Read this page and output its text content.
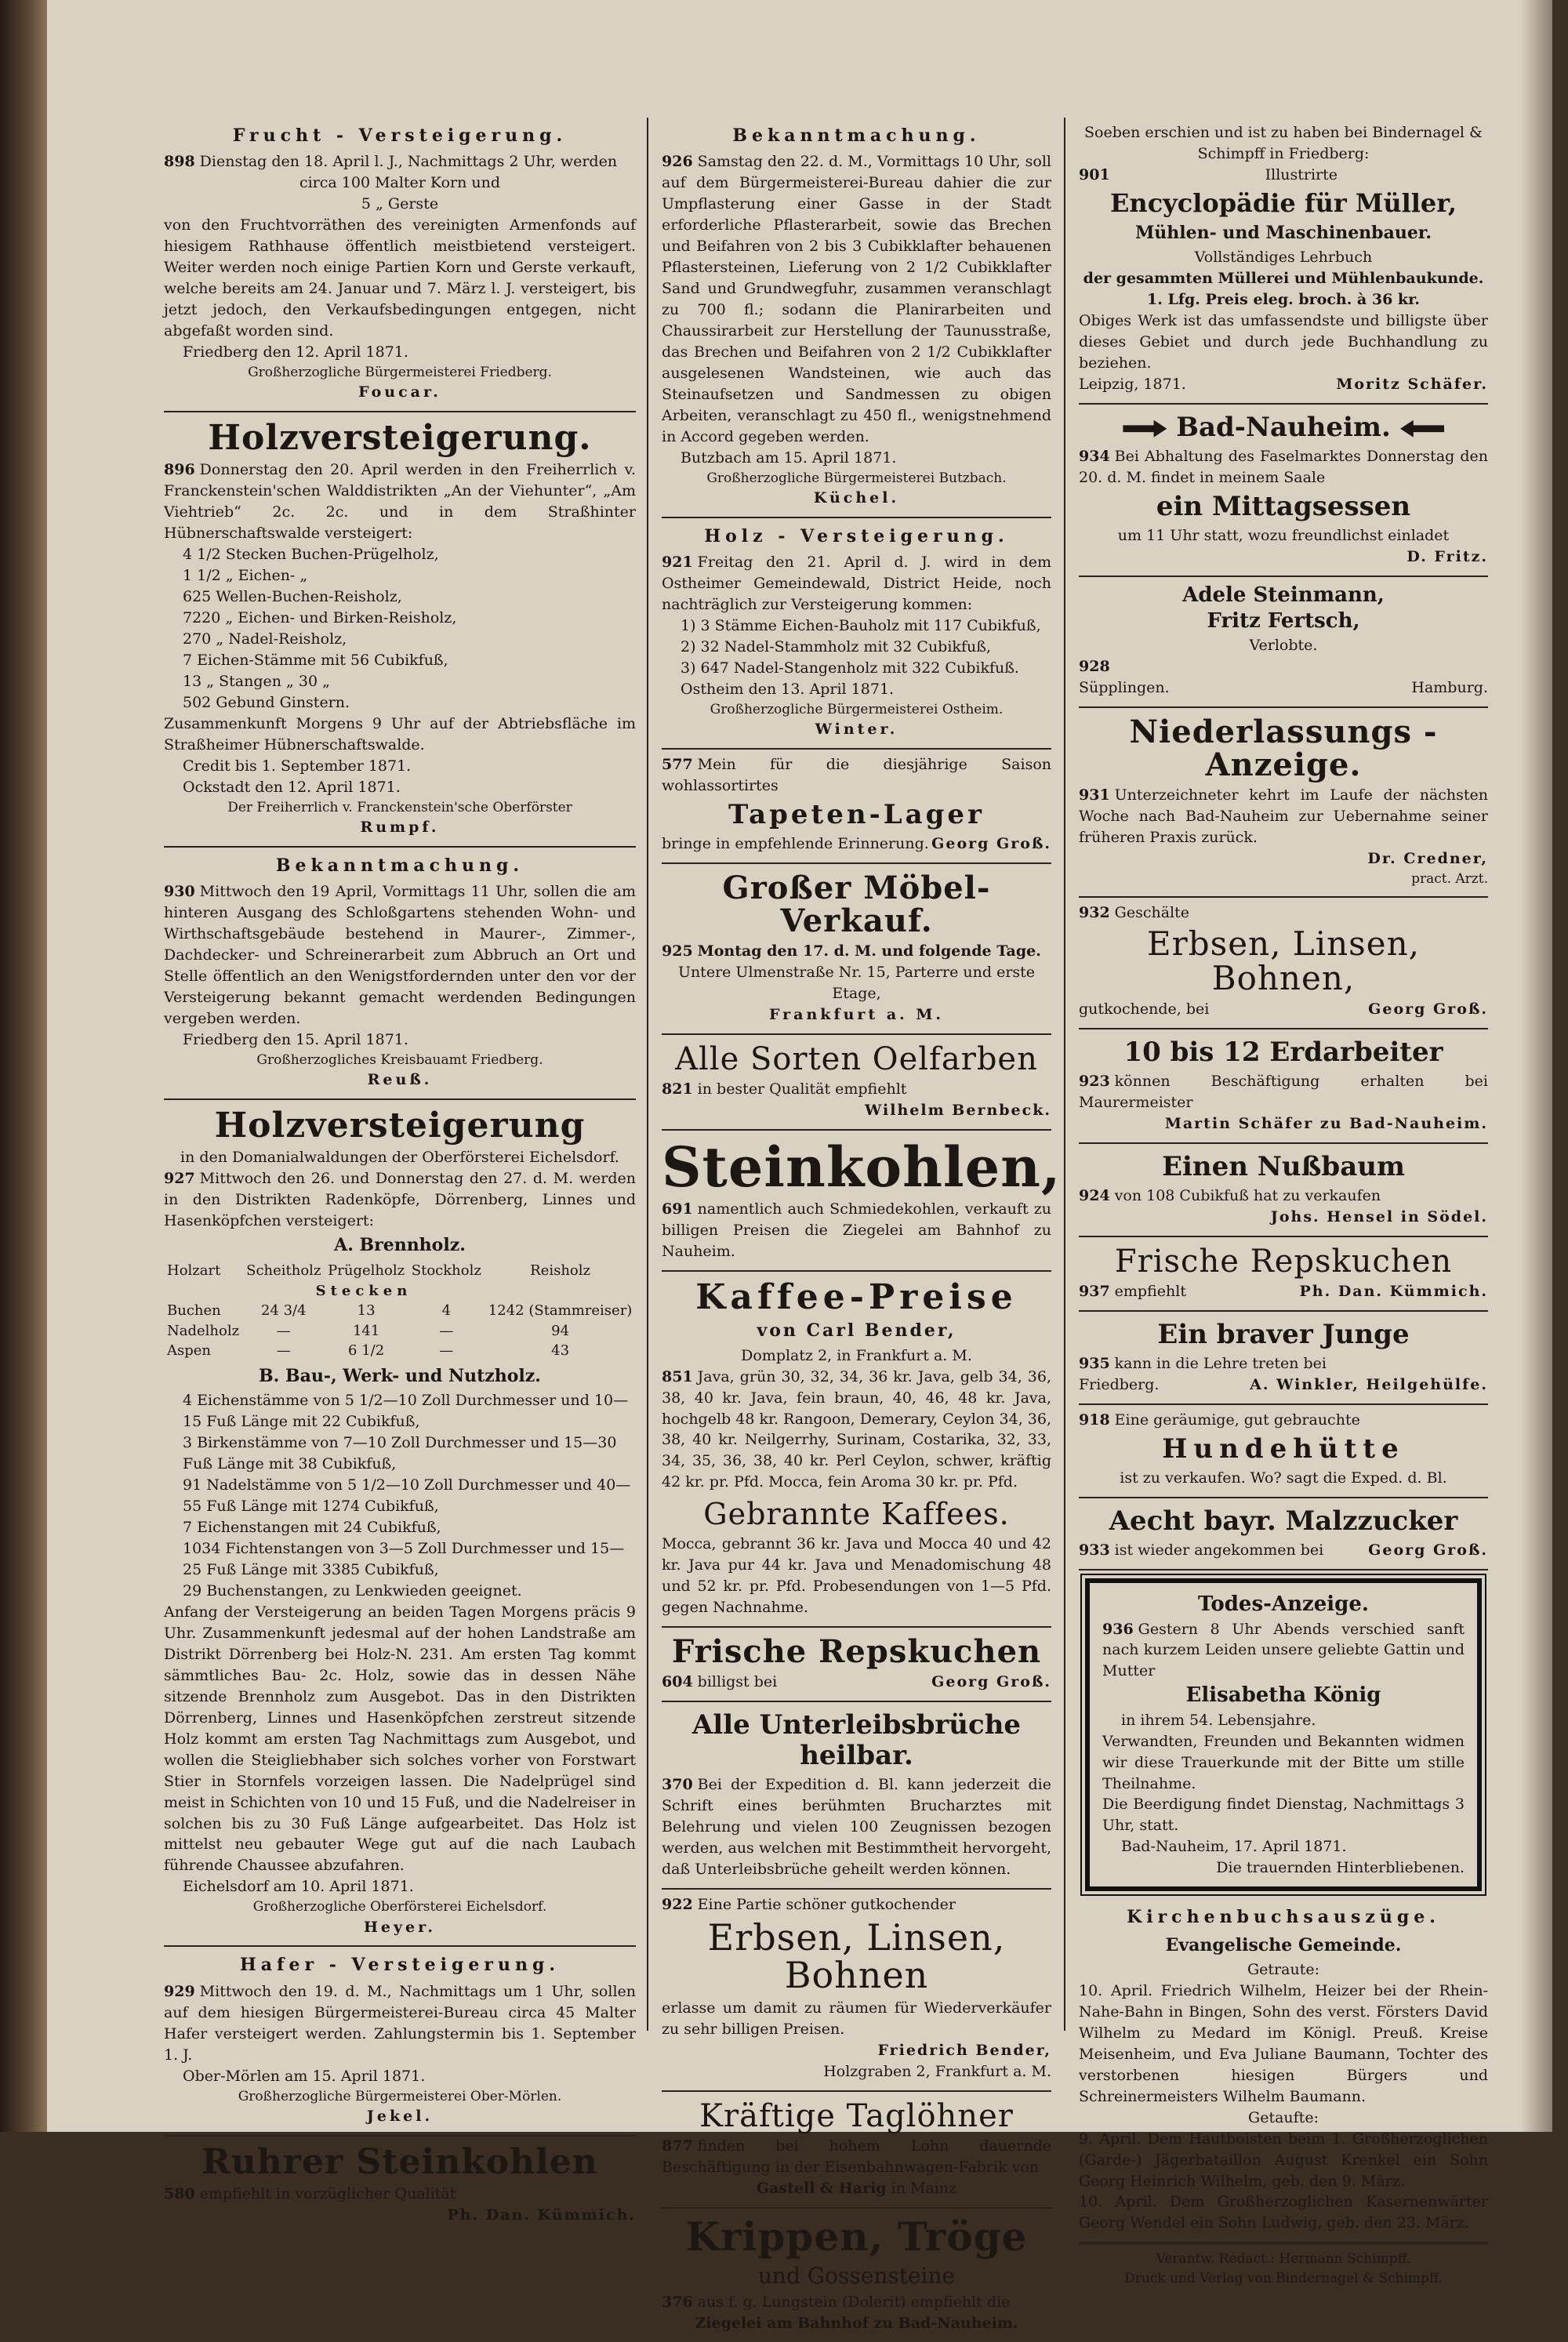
Frucht - Versteigerung.

898 Dienstag den 18. April l. J., Nachmittags 2 Uhr, werden

circa 100 Malter Korn und

5 „ Gerste

von den Fruchtvorräthen des vereinigten Armenfonds auf hiesigem Rathhause öffentlich meistbietend versteigert. Weiter werden noch einige Partien Korn und Gerste verkauft, welche bereits am 24. Januar und 7. März l. J. versteigert, bis jetzt jedoch, den Verkaufsbedingungen entgegen, nicht abgefaßt worden sind.

Friedberg den 12. April 1871.

Großherzogliche Bürgermeisterei Friedberg.

Foucar.

Holzversteigerung.

896 Donnerstag den 20. April werden in den Freiherrlich v. Franckenstein'schen Walddistrikten „An der Viehunter“, „Am Viehtrieb“ 2c. 2c. und in dem Straßhinter Hübnerschaftswalde versteigert:

4 1/2 Stecken Buchen-Prügelholz,
1 1/2 „ Eichen- „
625 Wellen-Buchen-Reisholz,
7220 „ Eichen- und Birken-Reisholz,
270 „ Nadel-Reisholz,
7 Eichen-Stämme mit 56 Cubikfuß,
13 „ Stangen „ 30 „
502 Gebund Ginstern.

Zusammenkunft Morgens 9 Uhr auf der Abtriebsfläche im Straßheimer Hübnerschaftswalde.

Credit bis 1. September 1871.

Ockstadt den 12. April 1871.

Der Freiherrlich v. Franckenstein'sche Oberförster

Rumpf.

Bekanntmachung.

930 Mittwoch den 19 April, Vormittags 11 Uhr, sollen die am hinteren Ausgang des Schloßgartens stehenden Wohn- und Wirthschaftsgebäude bestehend in Maurer-, Zimmer-, Dachdecker- und Schreinerarbeit zum Abbruch an Ort und Stelle öffentlich an den Wenigstfordernden unter den vor der Versteigerung bekannt gemacht werdenden Bedingungen vergeben werden.

Friedberg den 15. April 1871.

Großherzogliches Kreisbauamt Friedberg.

Reuß.

Holzversteigerung

in den Domanialwaldungen der Oberförsterei Eichelsdorf.

927 Mittwoch den 26. und Donnerstag den 27. d. M. werden in den Distrikten Radenköpfe, Dörrenberg, Linnes und Hasenköpfchen versteigert:

A. Brennholz.

Holzart	Scheitholz	Prügelholz	Stockholz	Reisholz
	Stecken			
Buchen	24 3/4	13	4	1242 (Stammreiser)
Nadelholz	—	141	—	94
Aspen	—	6 1/2	—	43

B. Bau-, Werk- und Nutzholz.

4 Eichenstämme von 5 1/2—10 Zoll Durchmesser und 10—15 Fuß Länge mit 22 Cubikfuß,
3 Birkenstämme von 7—10 Zoll Durchmesser und 15—30 Fuß Länge mit 38 Cubikfuß,
91 Nadelstämme von 5 1/2—10 Zoll Durchmesser und 40—55 Fuß Länge mit 1274 Cubikfuß,
7 Eichenstangen mit 24 Cubikfuß,
1034 Fichtenstangen von 3—5 Zoll Durchmesser und 15—25 Fuß Länge mit 3385 Cubikfuß,
29 Buchenstangen, zu Lenkwieden geeignet.

Anfang der Versteigerung an beiden Tagen Morgens präcis 9 Uhr. Zusammenkunft jedesmal auf der hohen Landstraße am Distrikt Dörrenberg bei Holz-N. 231. Am ersten Tag kommt sämmtliches Bau- 2c. Holz, sowie das in dessen Nähe sitzende Brennholz zum Ausgebot. Das in den Distrikten Dörrenberg, Linnes und Hasenköpfchen zerstreut sitzende Holz kommt am ersten Tag Nachmittags zum Ausgebot, und wollen die Steigliebhaber sich solches vorher von Forstwart Stier in Stornfels vorzeigen lassen. Die Nadelprügel sind meist in Schichten von 10 und 15 Fuß, und die Nadelreiser in solchen bis zu 30 Fuß Länge aufgearbeitet. Das Holz ist mittelst neu gebauter Wege gut auf die nach Laubach führende Chaussee abzufahren.

Eichelsdorf am 10. April 1871.

Großherzogliche Oberförsterei Eichelsdorf.

Heyer.

Hafer - Versteigerung.

929 Mittwoch den 19. d. M., Nachmittags um 1 Uhr, sollen auf dem hiesigen Bürgermeisterei-Bureau circa 45 Malter Hafer versteigert werden. Zahlungstermin bis 1. September 1. J.

Ober-Mörlen am 15. April 1871.

Großherzogliche Bürgermeisterei Ober-Mörlen.

Jekel.

Ruhrer Steinkohlen

580 empfiehlt in vorzüglicher Qualität

Ph. Dan. Kümmich.

Bekanntmachung.

926 Samstag den 22. d. M., Vormittags 10 Uhr, soll auf dem Bürgermeisterei-Bureau dahier die zur Umpflasterung einer Gasse in der Stadt erforderliche Pflasterarbeit, sowie das Brechen und Beifahren von 2 bis 3 Cubikklafter behauenen Pflastersteinen, Lieferung von 2 1/2 Cubikklafter Sand und Grundwegfuhr, zusammen veranschlagt zu 700 fl.; sodann die Planirarbeiten und Chaussirarbeit zur Herstellung der Taunusstraße, das Brechen und Beifahren von 2 1/2 Cubikklafter ausgelesenen Wandsteinen, wie auch das Steinaufsetzen und Sandmessen zu obigen Arbeiten, veranschlagt zu 450 fl., wenigstnehmend in Accord gegeben werden.

Butzbach am 15. April 1871.

Großherzogliche Bürgermeisterei Butzbach.

Küchel.

Holz - Versteigerung.

921 Freitag den 21. April d. J. wird in dem Ostheimer Gemeindewald, District Heide, noch nachträglich zur Versteigerung kommen:

1) 3 Stämme Eichen-Bauholz mit 117 Cubikfuß,
2) 32 Nadel-Stammholz mit 32 Cubikfuß,
3) 647 Nadel-Stangenholz mit 322 Cubikfuß.

Ostheim den 13. April 1871.

Großherzogliche Bürgermeisterei Ostheim.

Winter.

577 Mein für die diesjährige Saison wohlassortirtes

Tapeten-Lager
bringe in empfehlende Erinnerung. Georg Groß.
Großer Möbel-Verkauf.

925 Montag den 17. d. M. und folgende Tage.

Untere Ulmenstraße Nr. 15, Parterre und erste Etage,

Frankfurt a. M.

Alle Sorten Oelfarben

821 in bester Qualität empfiehlt

Wilhelm Bernbeck.

Steinkohlen,

691 namentlich auch Schmiedekohlen, verkauft zu billigen Preisen die Ziegelei am Bahnhof zu Nauheim.

Kaffee-Preise

von Carl Bender,

Domplatz 2, in Frankfurt a. M.

851 Java, grün 30, 32, 34, 36 kr. Java, gelb 34, 36, 38, 40 kr. Java, fein braun, 40, 46, 48 kr. Java, hochgelb 48 kr. Rangoon, Demerary, Ceylon 34, 36, 38, 40 kr. Neilgerrhy, Surinam, Costarika, 32, 33, 34, 35, 36, 38, 40 kr. Perl Ceylon, schwer, kräftig 42 kr. pr. Pfd. Mocca, fein Aroma 30 kr. pr. Pfd.

Gebrannte Kaffees.

Mocca, gebrannt 36 kr. Java und Mocca 40 und 42 kr. Java pur 44 kr. Java und Menadomischung 48 und 52 kr. pr. Pfd. Probesendungen von 1—5 Pfd. gegen Nachnahme.

Frische Repskuchen
604 billigst bei	Georg Groß.
Alle Unterleibsbrüche heilbar.

370 Bei der Expedition d. Bl. kann jederzeit die Schrift eines berühmten Brucharztes mit Belehrung und vielen 100 Zeugnissen bezogen werden, aus welchen mit Bestimmtheit hervorgeht, daß Unterleibsbrüche geheilt werden können.

922 Eine Partie schöner gutkochender

Erbsen, Linsen, Bohnen

erlasse um damit zu räumen für Wiederverkäufer zu sehr billigen Preisen.

Friedrich Bender,

Holzgraben 2, Frankfurt a. M.

Kräftige Taglöhner

877 finden bei hohem Lohn dauernde Beschäftigung in der Eisenbahnwagen-Fabrik von

Gastell & Harig in Mainz

Krippen, Tröge

und Gossensteine

376 aus f. g. Lungstein (Dolerit) empfiehlt die

Ziegelei am Bahnhof zu Bad-Nauheim.

Soeben erschien und ist zu haben bei Bindernagel & Schimpff in Friedberg:

901	Illustrirte
Encyclopädie für Müller,

Mühlen- und Maschinenbauer.

Vollständiges Lehrbuch

der gesammten Müllerei und Mühlenbaukunde.

1. Lfg. Preis eleg. broch. à 36 kr.

Obiges Werk ist das umfassendste und billigste über dieses Gebiet und durch jede Buchhandlung zu beziehen.

Leipzig, 1871.	Moritz Schäfer.
Bad-Nauheim.

934 Bei Abhaltung des Faselmarktes Donnerstag den 20. d. M. findet in meinem Saale

ein Mittagsessen

um 11 Uhr statt, wozu freundlichst einladet

D. Fritz.

Adele Steinmann,
Fritz Fertsch,

Verlobte.

928

Süpplingen.	Hamburg.
Niederlassungs - Anzeige.

931 Unterzeichneter kehrt im Laufe der nächsten Woche nach Bad-Nauheim zur Uebernahme seiner früheren Praxis zurück.

Dr. Credner,

pract. Arzt.

932 Geschälte

Erbsen, Linsen, Bohnen,
gutkochende, bei	Georg Groß.
10 bis 12 Erdarbeiter

923 können Beschäftigung erhalten bei Maurermeister

Martin Schäfer zu Bad-Nauheim.

Einen Nußbaum

924 von 108 Cubikfuß hat zu verkaufen

Johs. Hensel in Södel.

Frische Repskuchen
937 empfiehlt	Ph. Dan. Kümmich.
Ein braver Junge

935 kann in die Lehre treten bei

Friedberg.	A. Winkler, Heilgehülfe.

918 Eine geräumige, gut gebrauchte

Hundehütte

ist zu verkaufen. Wo? sagt die Exped. d. Bl.

Aecht bayr. Malzzucker
933 ist wieder angekommen bei	Georg Groß.
Todes-Anzeige.

936 Gestern 8 Uhr Abends verschied sanft nach kurzem Leiden unsere geliebte Gattin und Mutter

Elisabetha König

in ihrem 54. Lebensjahre.

Verwandten, Freunden und Bekannten widmen wir diese Trauerkunde mit der Bitte um stille Theilnahme.

Die Beerdigung findet Dienstag, Nachmittags 3 Uhr, statt.

Bad-Nauheim, 17. April 1871.

Die trauernden Hinterbliebenen.

Kirchenbuchsauszüge.

Evangelische Gemeinde.

Getraute:

10. April. Friedrich Wilhelm, Heizer bei der Rhein-Nahe-Bahn in Bingen, Sohn des verst. Försters David Wilhelm zu Medard im Königl. Preuß. Kreise Meisenheim, und Eva Juliane Baumann, Tochter des verstorbenen hiesigen Bürgers und Schreinermeisters Wilhelm Baumann.

Getaufte:

9. April. Dem Hautboisten beim 1. Großherzoglichen (Garde-) Jägerbataillon August Krenkel ein Sohn Georg Heinrich Wilhelm, geb. den 9. März.

10. April. Dem Großherzoglichen Kasernenwärter Georg Wendel ein Sohn Ludwig, geb. den 23. März.

Verantw. Redact.: Hermann Schimpff.

Druck und Verlag von Bindernagel & Schimpff.
